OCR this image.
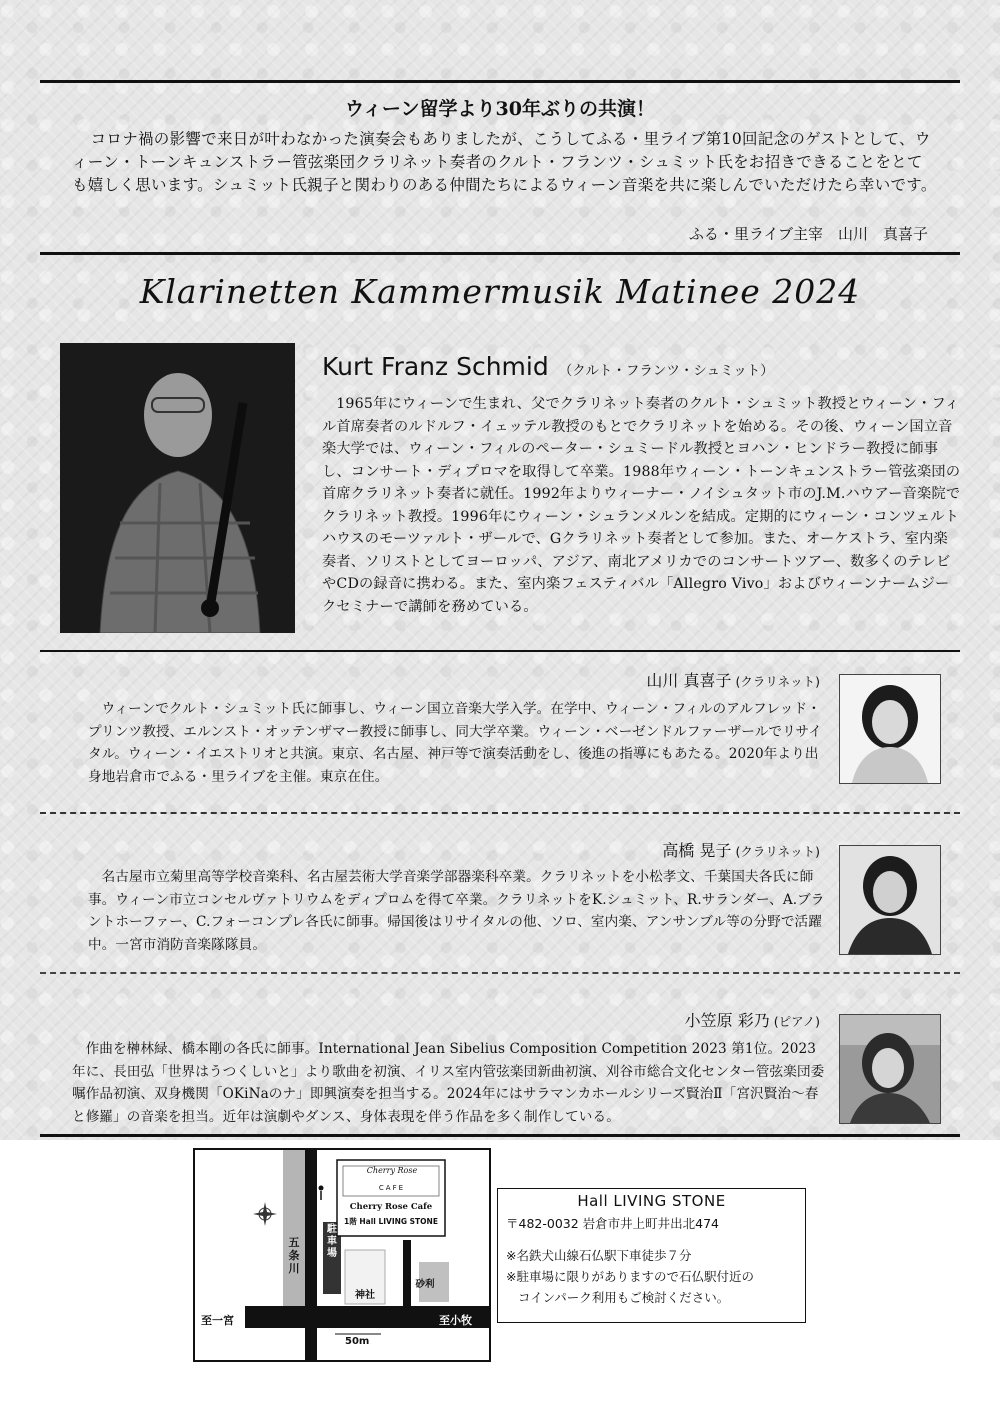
ウィーン留学より30年ぶりの共演！
コロナ禍の影響で来日が叶わなかった演奏会もありましたが、こうしてふる・里ライブ第10回記念のゲストとして、ウィーン・トーンキュンストラー管弦楽団クラリネット奏者のクルト・フランツ・シュミット氏をお招きできることをとても嬉しく思います。シュミット氏親子と関わりのある仲間たちによるウィーン音楽を共に楽しんでいただけたら幸いです。
ふる・里ライブ主宰　山川　真喜子
Klarinetten Kammermusik Matinee 2024
Kurt Franz Schmid （クルト・フランツ・シュミット）
1965年にウィーンで生まれ、父でクラリネット奏者のクルト・シュミット教授とウィーン・フィル首席奏者のルドルフ・イェッテル教授のもとでクラリネットを始める。その後、ウィーン国立音楽大学では、ウィーン・フィルのペーター・シュミードル教授とヨハン・ヒンドラー教授に師事し、コンサート・ディプロマを取得して卒業。1988年ウィーン・トーンキュンストラー管弦楽団の首席クラリネット奏者に就任。1992年よりウィーナー・ノイシュタット市のJ.M.ハウアー音楽院でクラリネット教授。1996年にウィーン・シュランメルンを結成。定期的にウィーン・コンツェルトハウスのモーツァルト・ザールで、Gクラリネット奏者として参加。また、オーケストラ、室内楽奏者、ソリストとしてヨーロッパ、アジア、南北アメリカでのコンサートツアー、数多くのテレビやCDの録音に携わる。また、室内楽フェスティバル「Allegro Vivo」およびウィーンナームジークセミナーで講師を務めている。
山川 真喜子 (クラリネット)
ウィーンでクルト・シュミット氏に師事し、ウィーン国立音楽大学入学。在学中、ウィーン・フィルのアルフレッド・プリンツ教授、エルンスト・オッテンザマー教授に師事し、同大学卒業。ウィーン・ベーゼンドルファーザールでリサイタル。ウィーン・イエストリオと共演。東京、名古屋、神戸等で演奏活動をし、後進の指導にもあたる。2020年より出身地岩倉市でふる・里ライブを主催。東京在住。
高橋 晃子 (クラリネット)
名古屋市立菊里高等学校音楽科、名古屋芸術大学音楽学部器楽科卒業。クラリネットを小松孝文、千葉国夫各氏に師事。ウィーン市立コンセルヴァトリウムをディプロムを得て卒業。クラリネットをK.シュミット、R.サランダー、A.ブラントホーファー、C.フォーコンプレ各氏に師事。帰国後はリサイタルの他、ソロ、室内楽、アンサンブル等の分野で活躍中。一宮市消防音楽隊隊員。
小笠原 彩乃 (ピアノ)
作曲を榊林緑、橋本剛の各氏に師事。International Jean Sibelius Composition Competition 2023 第1位。2023年に、長田弘「世界はうつくしいと」より歌曲を初演、イリス室内管弦楽団新曲初演、刈谷市総合文化センター管弦楽団委嘱作品初演、双身機関「OKiNaのナ」即興演奏を担当する。2024年にはサラマンカホールシリーズ賢治Ⅱ「宮沢賢治～春と修羅」の音楽を担当。近年は演劇やダンス、身体表現を伴う作品を多く制作している。
Cherry Rose
CAFE
Cherry Rose Cafe
1階 Hall LIVING STONE
五条川
駐車場
神社
砂利
至一宮	至小牧
50m
Hall LIVING STONE
〒482-0032 岩倉市井上町井出北474
※名鉄犬山線石仏駅下車徒歩７分
※駐車場に限りがありますので石仏駅付近の
コインパーク利用もご検討ください。
